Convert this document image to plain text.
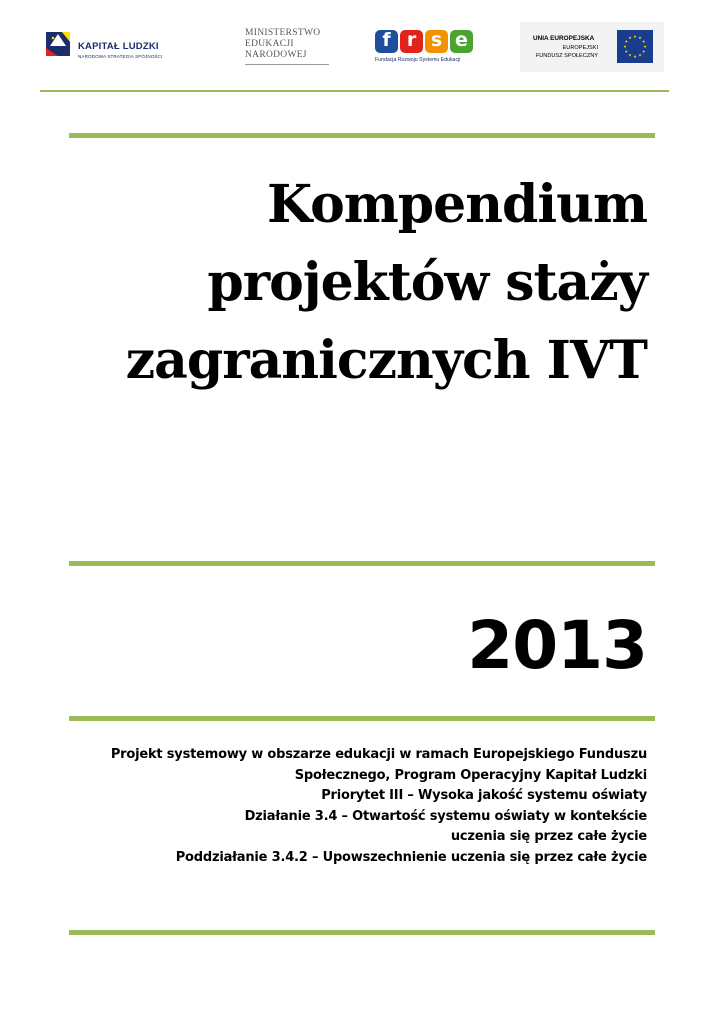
KAPITAŁ LUDZKI
NARODOWA STRATEGIA SPÓJNOŚCI
MINISTERSTWO
EDUKACJI
NARODOWEJ
f r s e
Fundacja Rozwoju Systemu Edukacji
UNIA EUROPEJSKA
EUROPEJSKI
FUNDUSZ SPOŁECZNY
Kompendium
projektów staży
zagranicznych IVT
2013
Projekt systemowy w obszarze edukacji w ramach Europejskiego Funduszu
Społecznego, Program Operacyjny Kapitał Ludzki
Priorytet III – Wysoka jakość systemu oświaty
Działanie 3.4 – Otwartość systemu oświaty w kontekście
uczenia się przez całe życie
Poddziałanie 3.4.2 – Upowszechnienie uczenia się przez całe życie
